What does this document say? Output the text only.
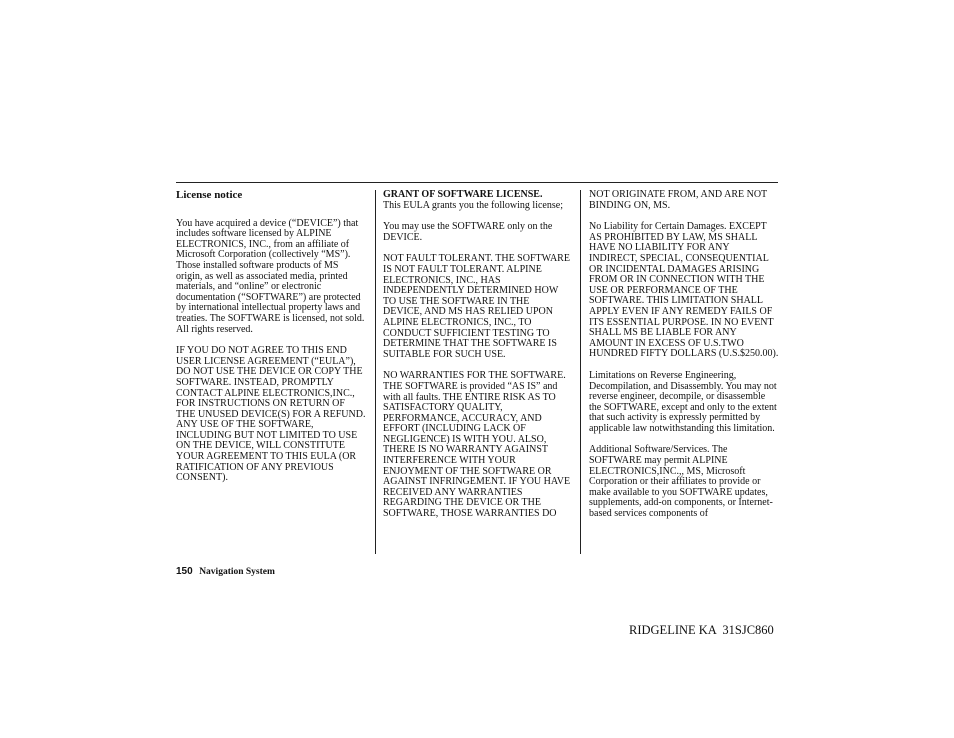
License notice

You have acquired a device (“DEVICE”) that includes software licensed by ALPINE ELECTRONICS, INC., from an affiliate of Microsoft Corporation (collectively “MS”). Those installed software products of MS origin, as well as associated media, printed materials, and “online” or electronic documentation (“SOFTWARE”) are protected by international intellectual property laws and treaties. The SOFTWARE is licensed, not sold. All rights reserved.

IF YOU DO NOT AGREE TO THIS END USER LICENSE AGREEMENT (“EULA”), DO NOT USE THE DEVICE OR COPY THE SOFTWARE. INSTEAD, PROMPTLY CONTACT ALPINE ELECTRONICS,INC., FOR INSTRUCTIONS ON RETURN OF THE UNUSED DEVICE(S) FOR A REFUND. ANY USE OF THE SOFTWARE, INCLUDING BUT NOT LIMITED TO USE ON THE DEVICE, WILL CONSTITUTE YOUR AGREEMENT TO THIS EULA (OR RATIFICATION OF ANY PREVIOUS CONSENT).

GRANT OF SOFTWARE LICENSE.
This EULA grants you the following license;

You may use the SOFTWARE only on the DEVICE.

NOT FAULT TOLERANT. THE SOFTWARE IS NOT FAULT TOLERANT. ALPINE ELECTRONICS, INC., HAS INDEPENDENTLY DETERMINED HOW TO USE THE SOFTWARE IN THE DEVICE, AND MS HAS RELIED UPON ALPINE ELECTRONICS, INC., TO CONDUCT SUFFICIENT TESTING TO DETERMINE THAT THE SOFTWARE IS SUITABLE FOR SUCH USE.

NO WARRANTIES FOR THE SOFTWARE. THE SOFTWARE is provided “AS IS” and with all faults. THE ENTIRE RISK AS TO SATISFACTORY QUALITY, PERFORMANCE, ACCURACY, AND EFFORT (INCLUDING LACK OF NEGLIGENCE) IS WITH YOU. ALSO, THERE IS NO WARRANTY AGAINST INTERFERENCE WITH YOUR ENJOYMENT OF THE SOFTWARE OR AGAINST INFRINGEMENT. IF YOU HAVE RECEIVED ANY WARRANTIES REGARDING THE DEVICE OR THE SOFTWARE, THOSE WARRANTIES DO

NOT ORIGINATE FROM, AND ARE NOT BINDING ON, MS.

No Liability for Certain Damages. EXCEPT AS PROHIBITED BY LAW, MS SHALL HAVE NO LIABILITY FOR ANY INDIRECT, SPECIAL, CONSEQUENTIAL OR INCIDENTAL DAMAGES ARISING FROM OR IN CONNECTION WITH THE USE OR PERFORMANCE OF THE SOFTWARE. THIS LIMITATION SHALL APPLY EVEN IF ANY REMEDY FAILS OF ITS ESSENTIAL PURPOSE. IN NO EVENT SHALL MS BE LIABLE FOR ANY AMOUNT IN EXCESS OF U.S.TWO HUNDRED FIFTY DOLLARS (U.S.$250.00).

Limitations on Reverse Engineering, Decompilation, and Disassembly. You may not reverse engineer, decompile, or disassemble the SOFTWARE, except and only to the extent that such activity is expressly permitted by applicable law notwithstanding this limitation.

Additional Software/Services. The SOFTWARE may permit ALPINE ELECTRONICS,INC.,, MS, Microsoft Corporation or their affiliates to provide or make available to you SOFTWARE updates, supplements, add-on components, or Internet-based services components of

150 Navigation System
RIDGELINE KA  31SJC860
